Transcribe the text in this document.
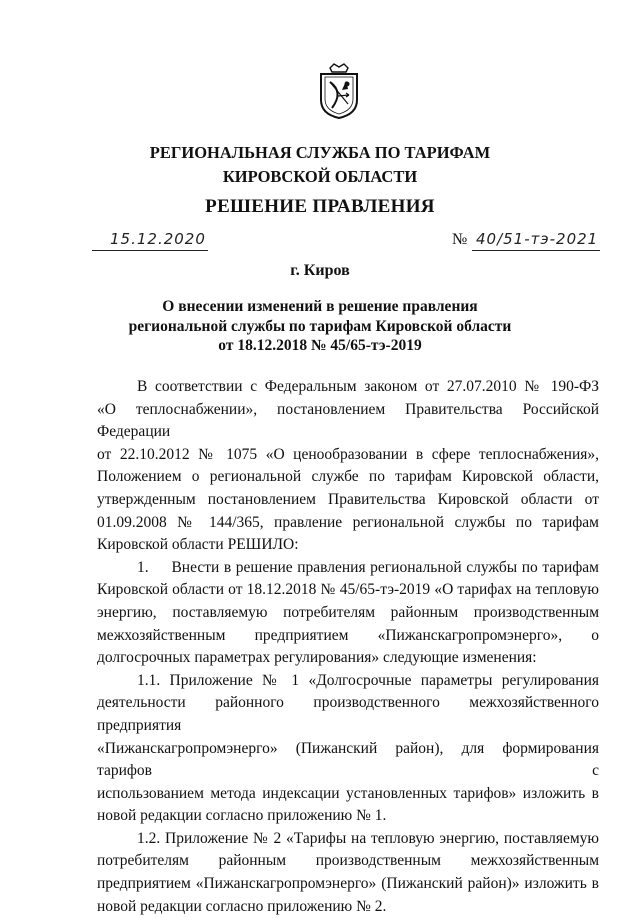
РЕГИОНАЛЬНАЯ СЛУЖБА ПО ТАРИФАМ
КИРОВСКОЙ ОБЛАСТИ
РЕШЕНИЕ ПРАВЛЕНИЯ
15.12.2020	№ 40/51-тэ-2021
г. Киров
О внесении изменений в решение правления
региональной службы по тарифам Кировской области
от 18.12.2018 № 45/65-тэ-2019

В соответствии с Федеральным законом от 27.07.2010 № 190-ФЗ
«О теплоснабжении», постановлением Правительства Российской Федерации
от 22.10.2012 № 1075 «О ценообразовании в сфере теплоснабжения»,
Положением о региональной службе по тарифам Кировской области,
утвержденным постановлением Правительства Кировской области от
01.09.2008 № 144/365, правление региональной службы по тарифам
Кировской области РЕШИЛО:

1.     Внести в решение правления региональной службы по тарифам
Кировской области от 18.12.2018 № 45/65-тэ-2019 «О тарифах на тепловую
энергию, поставляемую потребителям районным производственным
межхозяйственным предприятием «Пижанскагропромэнерго», о
долгосрочных параметрах регулирования» следующие изменения:

1.1. Приложение № 1 «Долгосрочные параметры регулирования
деятельности районного производственного межхозяйственного предприятия
«Пижанскагропромэнерго» (Пижанский район), для формирования тарифов с
использованием метода индексации установленных тарифов» изложить в
новой редакции согласно приложению № 1.

1.2. Приложение № 2 «Тарифы на тепловую энергию, поставляемую
потребителям районным производственным межхозяйственным
предприятием «Пижанскагропромэнерго» (Пижанский район)» изложить в
новой редакции согласно приложению № 2.
